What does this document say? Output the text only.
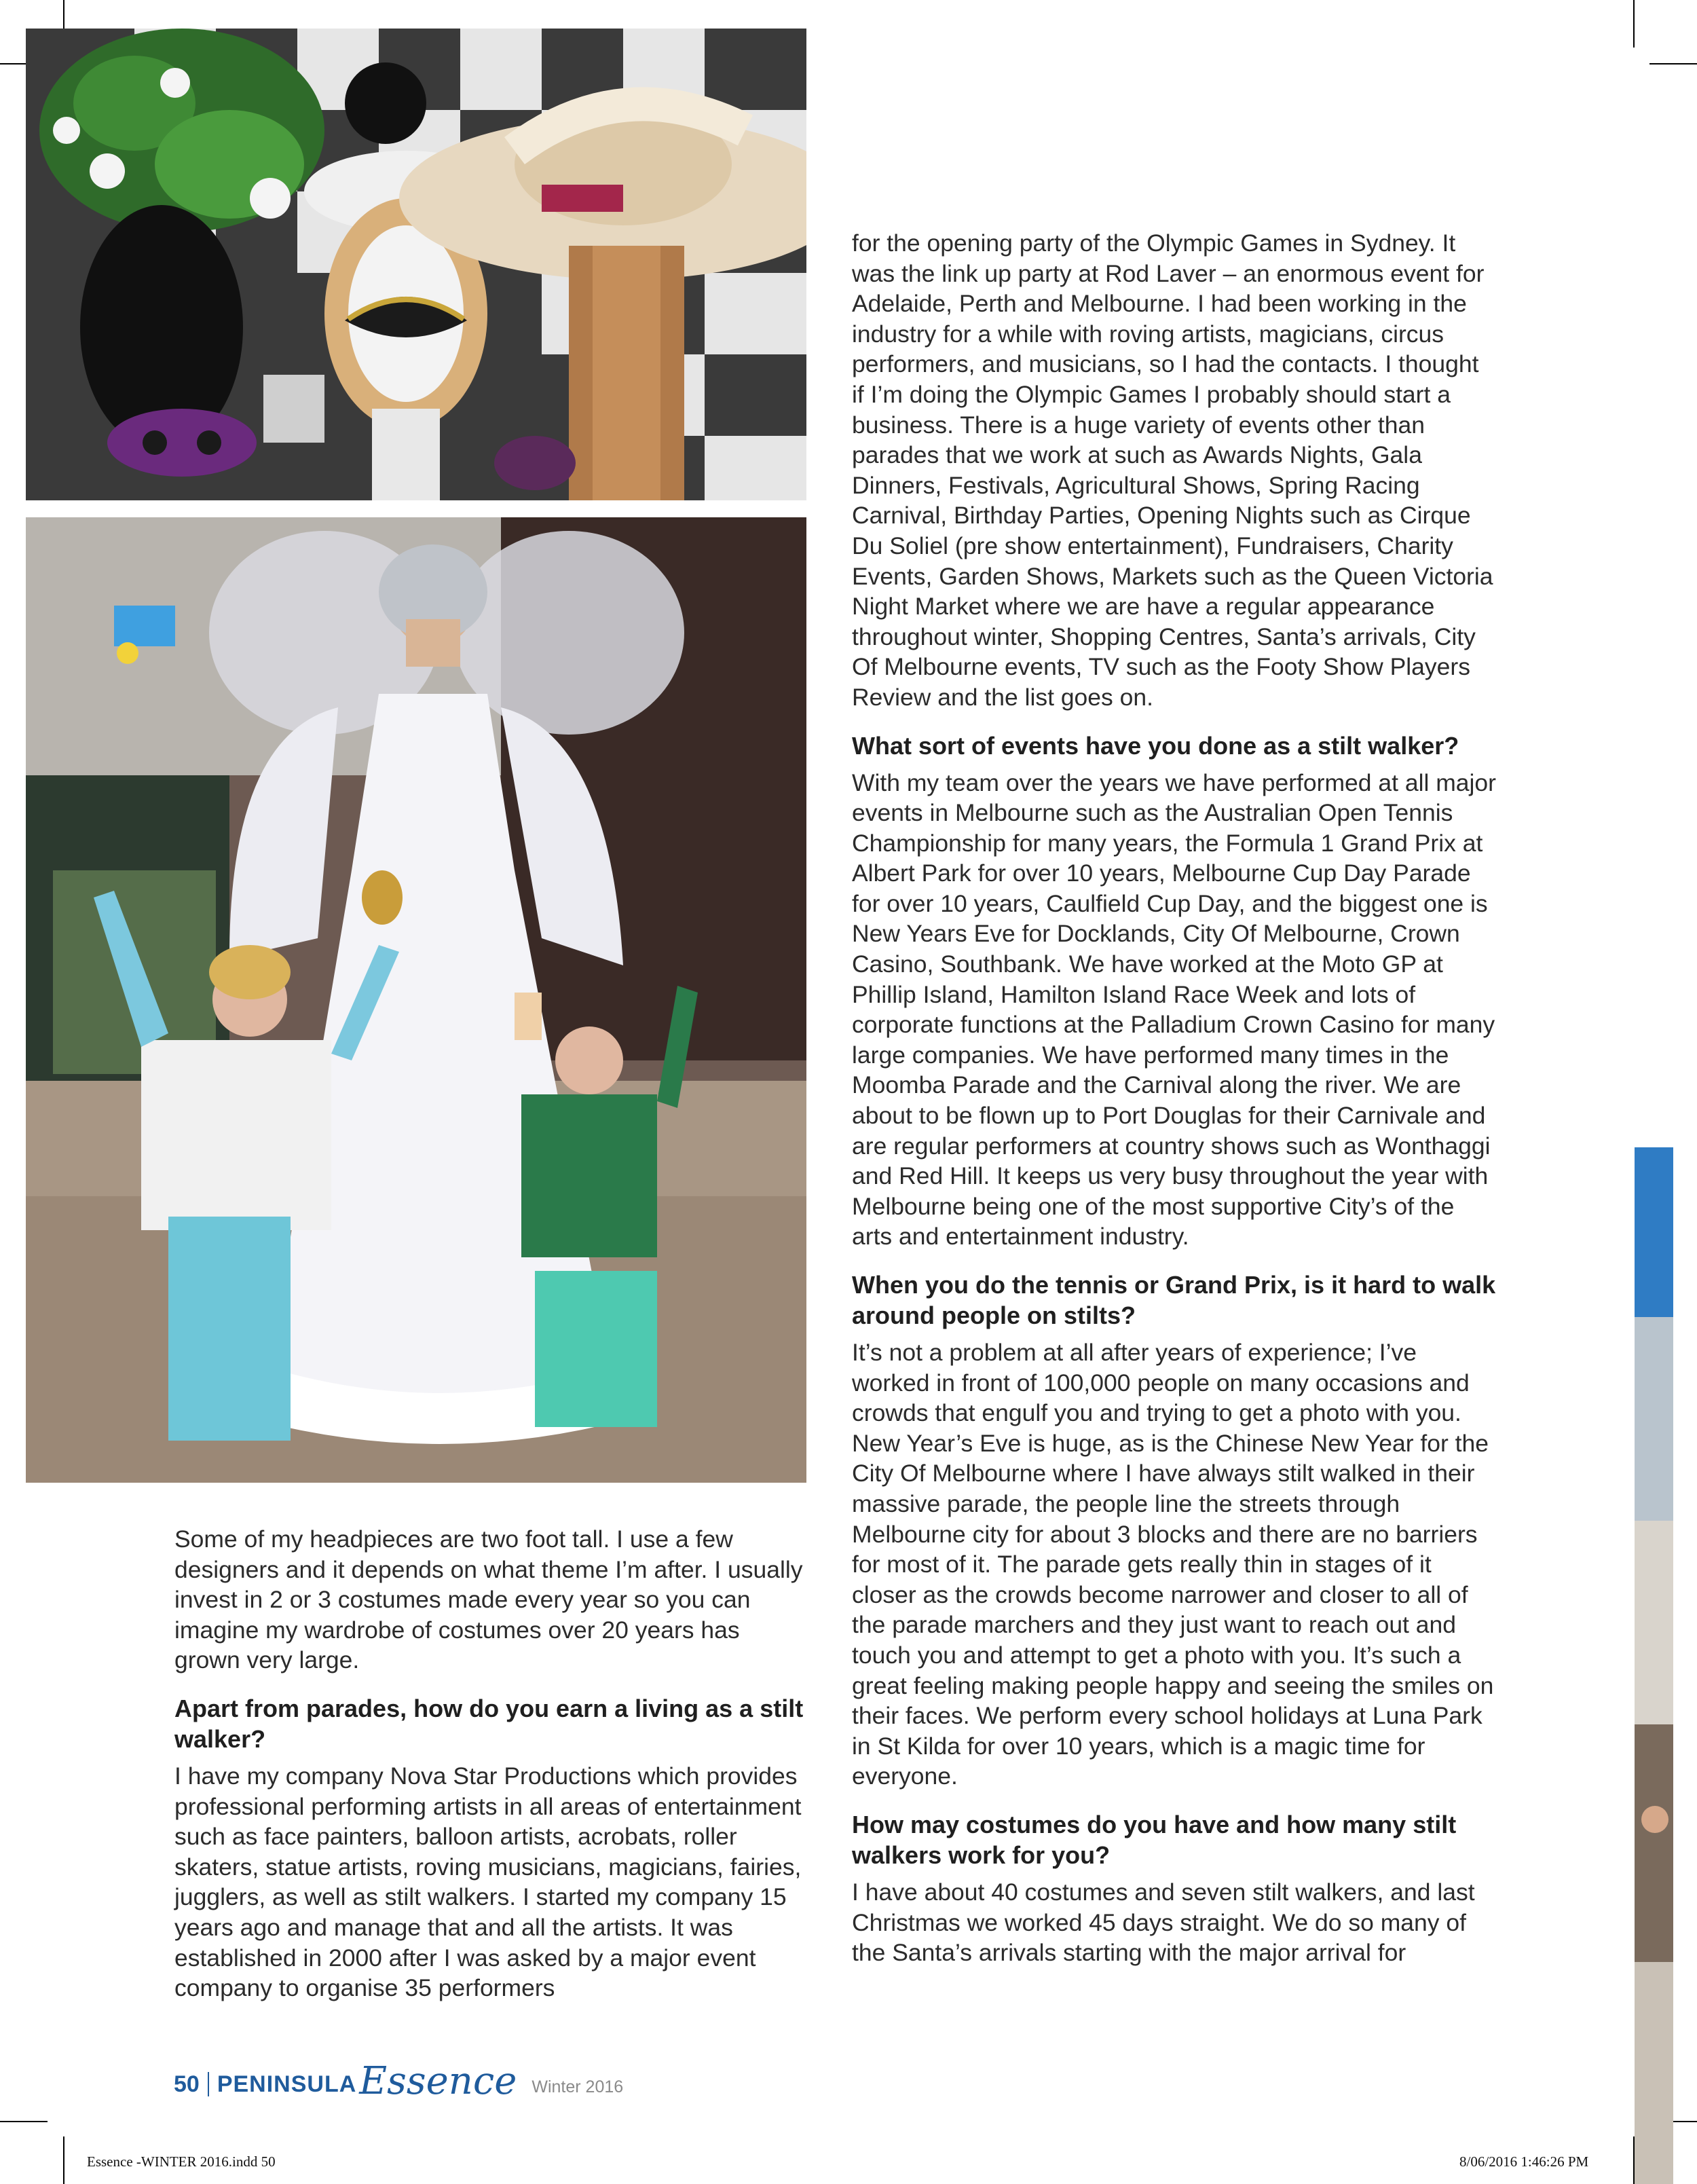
Some of my headpieces are two foot tall. I use a few designers and it depends on what theme I’m after. I usually invest in 2 or 3 costumes made every year so you can imagine my wardrobe of costumes over 20 years has grown very large.

Apart from parades, how do you earn a living as a stilt walker?

I have my company Nova Star Productions which provides professional performing artists in all areas of entertainment such as face painters, balloon artists, acrobats, roller skaters, statue artists, roving musicians, magicians, fairies, jugglers, as well as stilt walkers. I started my company 15 years ago and manage that and all the artists. It was established in 2000 after I was asked by a major event company to organise 35 performers

for the opening party of the Olympic Games in Sydney. It was the link up party at Rod Laver – an enormous event for Adelaide, Perth and Melbourne. I had been working in the industry for a while with roving artists, magicians, circus performers, and musicians, so I had the contacts. I thought if I’m doing the Olympic Games I probably should start a business. There is a huge variety of events other than parades that we work at such as Awards Nights, Gala Dinners, Festivals, Agricultural Shows, Spring Racing Carnival, Birthday Parties, Opening Nights such as Cirque Du Soliel (pre show entertainment), Fundraisers, Charity Events, Garden Shows, Markets such as the Queen Victoria Night Market where we are have a regular appearance throughout winter, Shopping Centres, Santa’s arrivals, City Of Melbourne events, TV such as the Footy Show Players Review and the list goes on.

What sort of events have you done as a stilt walker?

With my team over the years we have performed at all major events in Melbourne such as the Australian Open Tennis Championship for many years, the Formula 1 Grand Prix at Albert Park for over 10 years, Melbourne Cup Day Parade for over 10 years, Caulfield Cup Day, and the biggest one is New Years Eve for Docklands, City Of Melbourne, Crown Casino, Southbank. We have worked at the Moto GP at Phillip Island, Hamilton Island Race Week and lots of corporate functions at the Palladium Crown Casino for many large companies. We have performed many times in the Moomba Parade and the Carnival along the river. We are about to be flown up to Port Douglas for their Carnivale and are regular performers at country shows such as Wonthaggi and Red Hill. It keeps us very busy throughout the year with Melbourne being one of the most supportive City’s of the arts and entertainment industry.

When you do the tennis or Grand Prix, is it hard to walk around people on stilts?

It’s not a problem at all after years of experience; I’ve worked in front of 100,000 people on many occasions and crowds that engulf you and trying to get a photo with you. New Year’s Eve is huge, as is the Chinese New Year for the City Of Melbourne where I have always stilt walked in their massive parade, the people line the streets through Melbourne city for about 3 blocks and there are no barriers for most of it. The parade gets really thin in stages of it closer as the crowds become narrower and closer to all of the parade marchers and they just want to reach out and touch you and attempt to get a photo with you. It’s such a great feeling making people happy and seeing the smiles on their faces. We perform every school holidays at Luna Park in St Kilda for over 10 years, which is a magic time for everyone.

How may costumes do you have and how many stilt walkers work for you?

I have about 40 costumes and seven stilt walkers, and last Christmas we worked 45 days straight. We do so many of the Santa’s arrivals starting with the major arrival for

50 PENINSULA Essence Winter 2016
Essence -WINTER 2016.indd 50	8/06/2016 1:46:26 PM
